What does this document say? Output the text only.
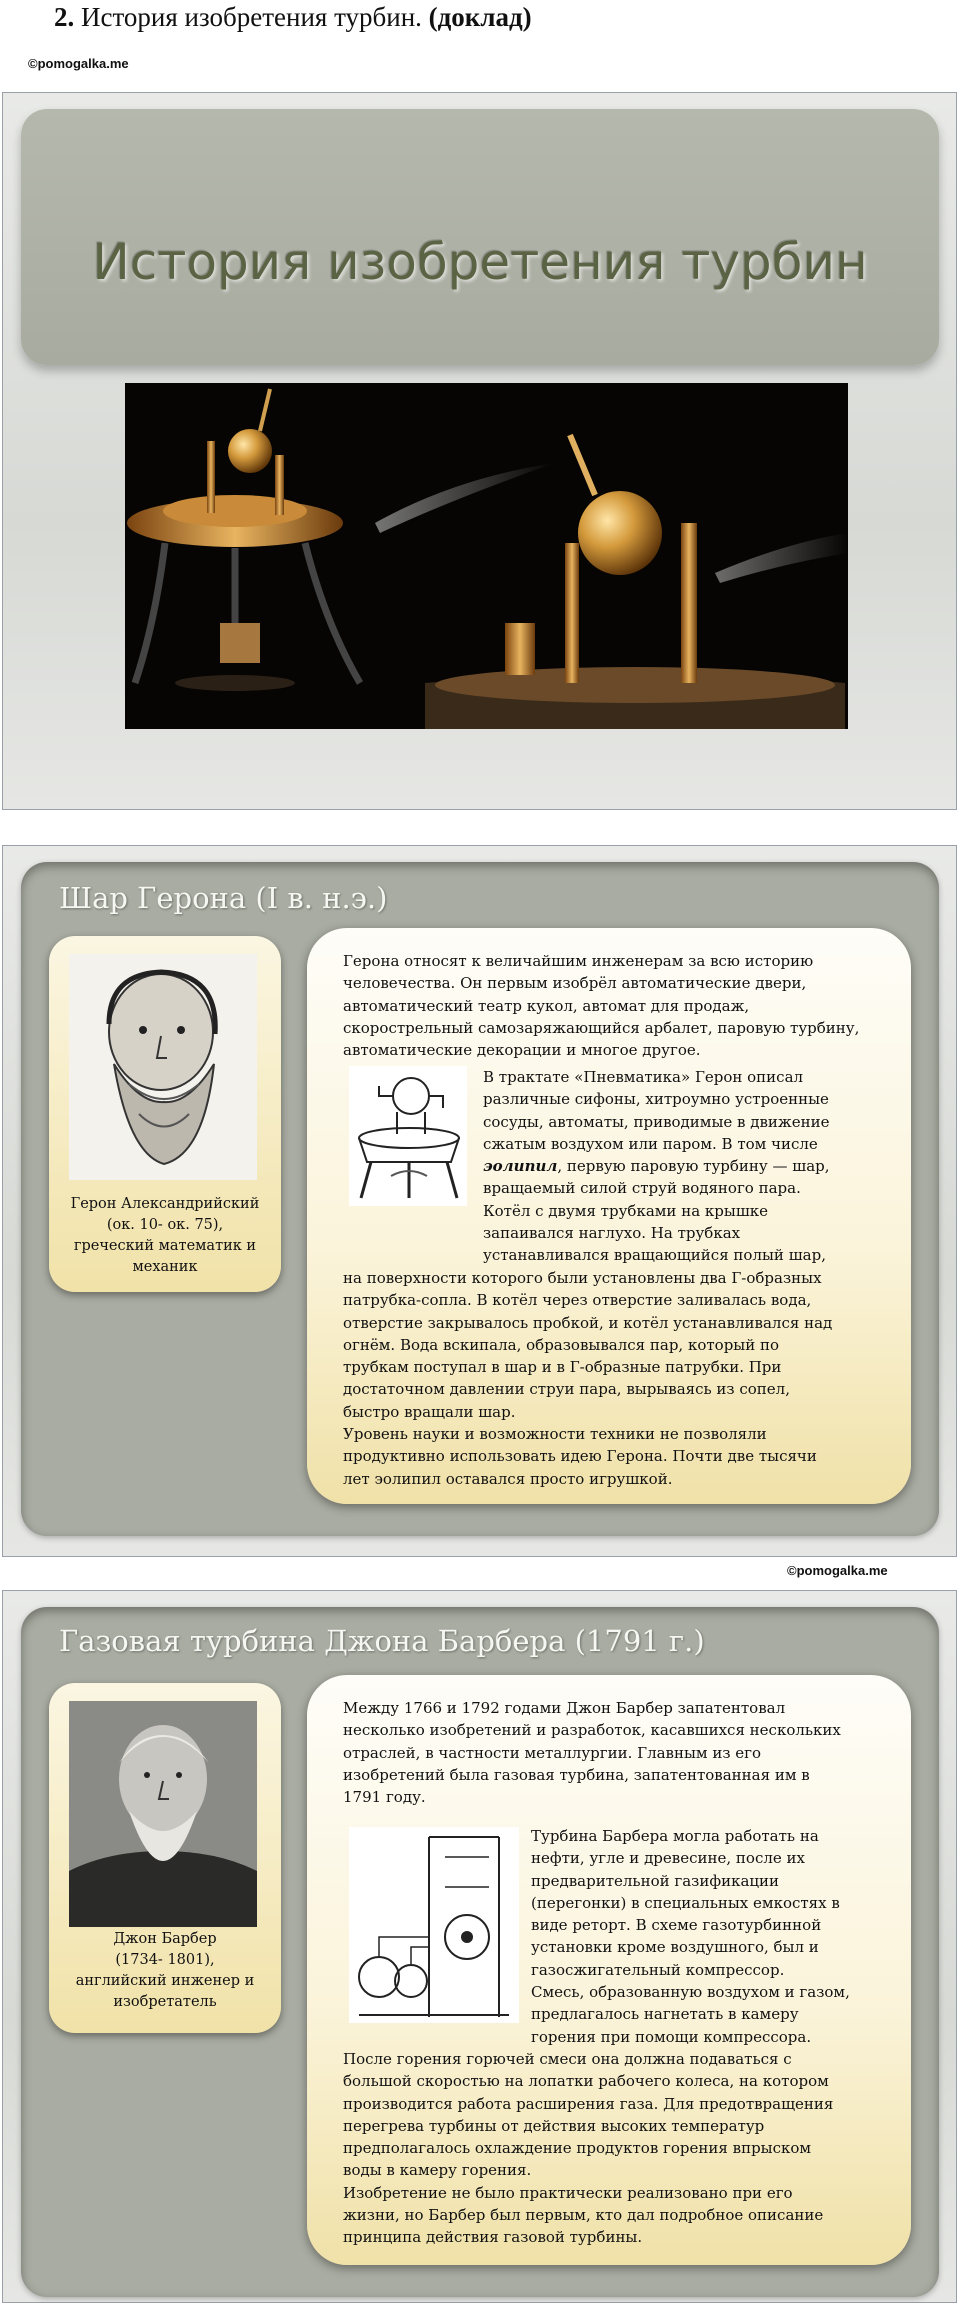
2. История изобретения турбин. (доклад)
©pomogalka.me
История изобретения турбин
Шар Герона (I в. н.э.)
Герон Александрийский
(ок. 10- ок. 75),
греческий математик и
механик
Герона относят к величайшим инженерам за всю историю
человечества. Он первым изобрёл автоматические двери,
автоматический театр кукол, автомат для продаж,
скорострельный самозаряжающийся арбалет, паровую турбину,
автоматические декорации и многое другое.
В трактате «Пневматика» Герон описал
различные сифоны, хитроумно устроенные
сосуды, автоматы, приводимые в движение
сжатым воздухом или паром. В том числе
эолипил, первую паровую турбину — шар,
вращаемый силой струй водяного пара.
Котёл с двумя трубками на крышке
запаивался наглухо. На трубках
устанавливался вращающийся полый шар,
на поверхности которого были установлены два Г-образных
патрубка-сопла. В котёл через отверстие заливалась вода,
отверстие закрывалось пробкой, и котёл устанавливался над
огнём. Вода вскипала, образовывался пар, который по
трубкам поступал в шар и в Г-образные патрубки. При
достаточном давлении струи пара, вырываясь из сопел,
быстро вращали шар.
Уровень науки и возможности техники не позволяли
продуктивно использовать идею Герона. Почти две тысячи
лет эолипил оставался просто игрушкой.
©pomogalka.me
Газовая турбина Джона Барбера (1791 г.)
Джон Барбер
(1734- 1801),
английский инженер и
изобретатель
Между 1766 и 1792 годами Джон Барбер запатентовал
несколько изобретений и разработок, касавшихся нескольких
отраслей, в частности металлургии. Главным из его
изобретений была газовая турбина, запатентованная им в
1791 году.
Турбина Барбера могла работать на
нефти, угле и древесине, после их
предварительной газификации
(перегонки) в специальных емкостях в
виде реторт. В схеме газотурбинной
установки кроме воздушного, был и
газосжигательный компрессор.
Смесь, образованную воздухом и газом,
предлагалось нагнетать в камеру
горения при помощи компрессора.
После горения горючей смеси она должна подаваться с
большой скоростью на лопатки рабочего колеса, на котором
производится работа расширения газа. Для предотвращения
перегрева турбины от действия высоких температур
предполагалось охлаждение продуктов горения впрыском
воды в камеру горения.
Изобретение не было практически реализовано при его
жизни, но Барбер был первым, кто дал подробное описание
принципа действия газовой турбины.
